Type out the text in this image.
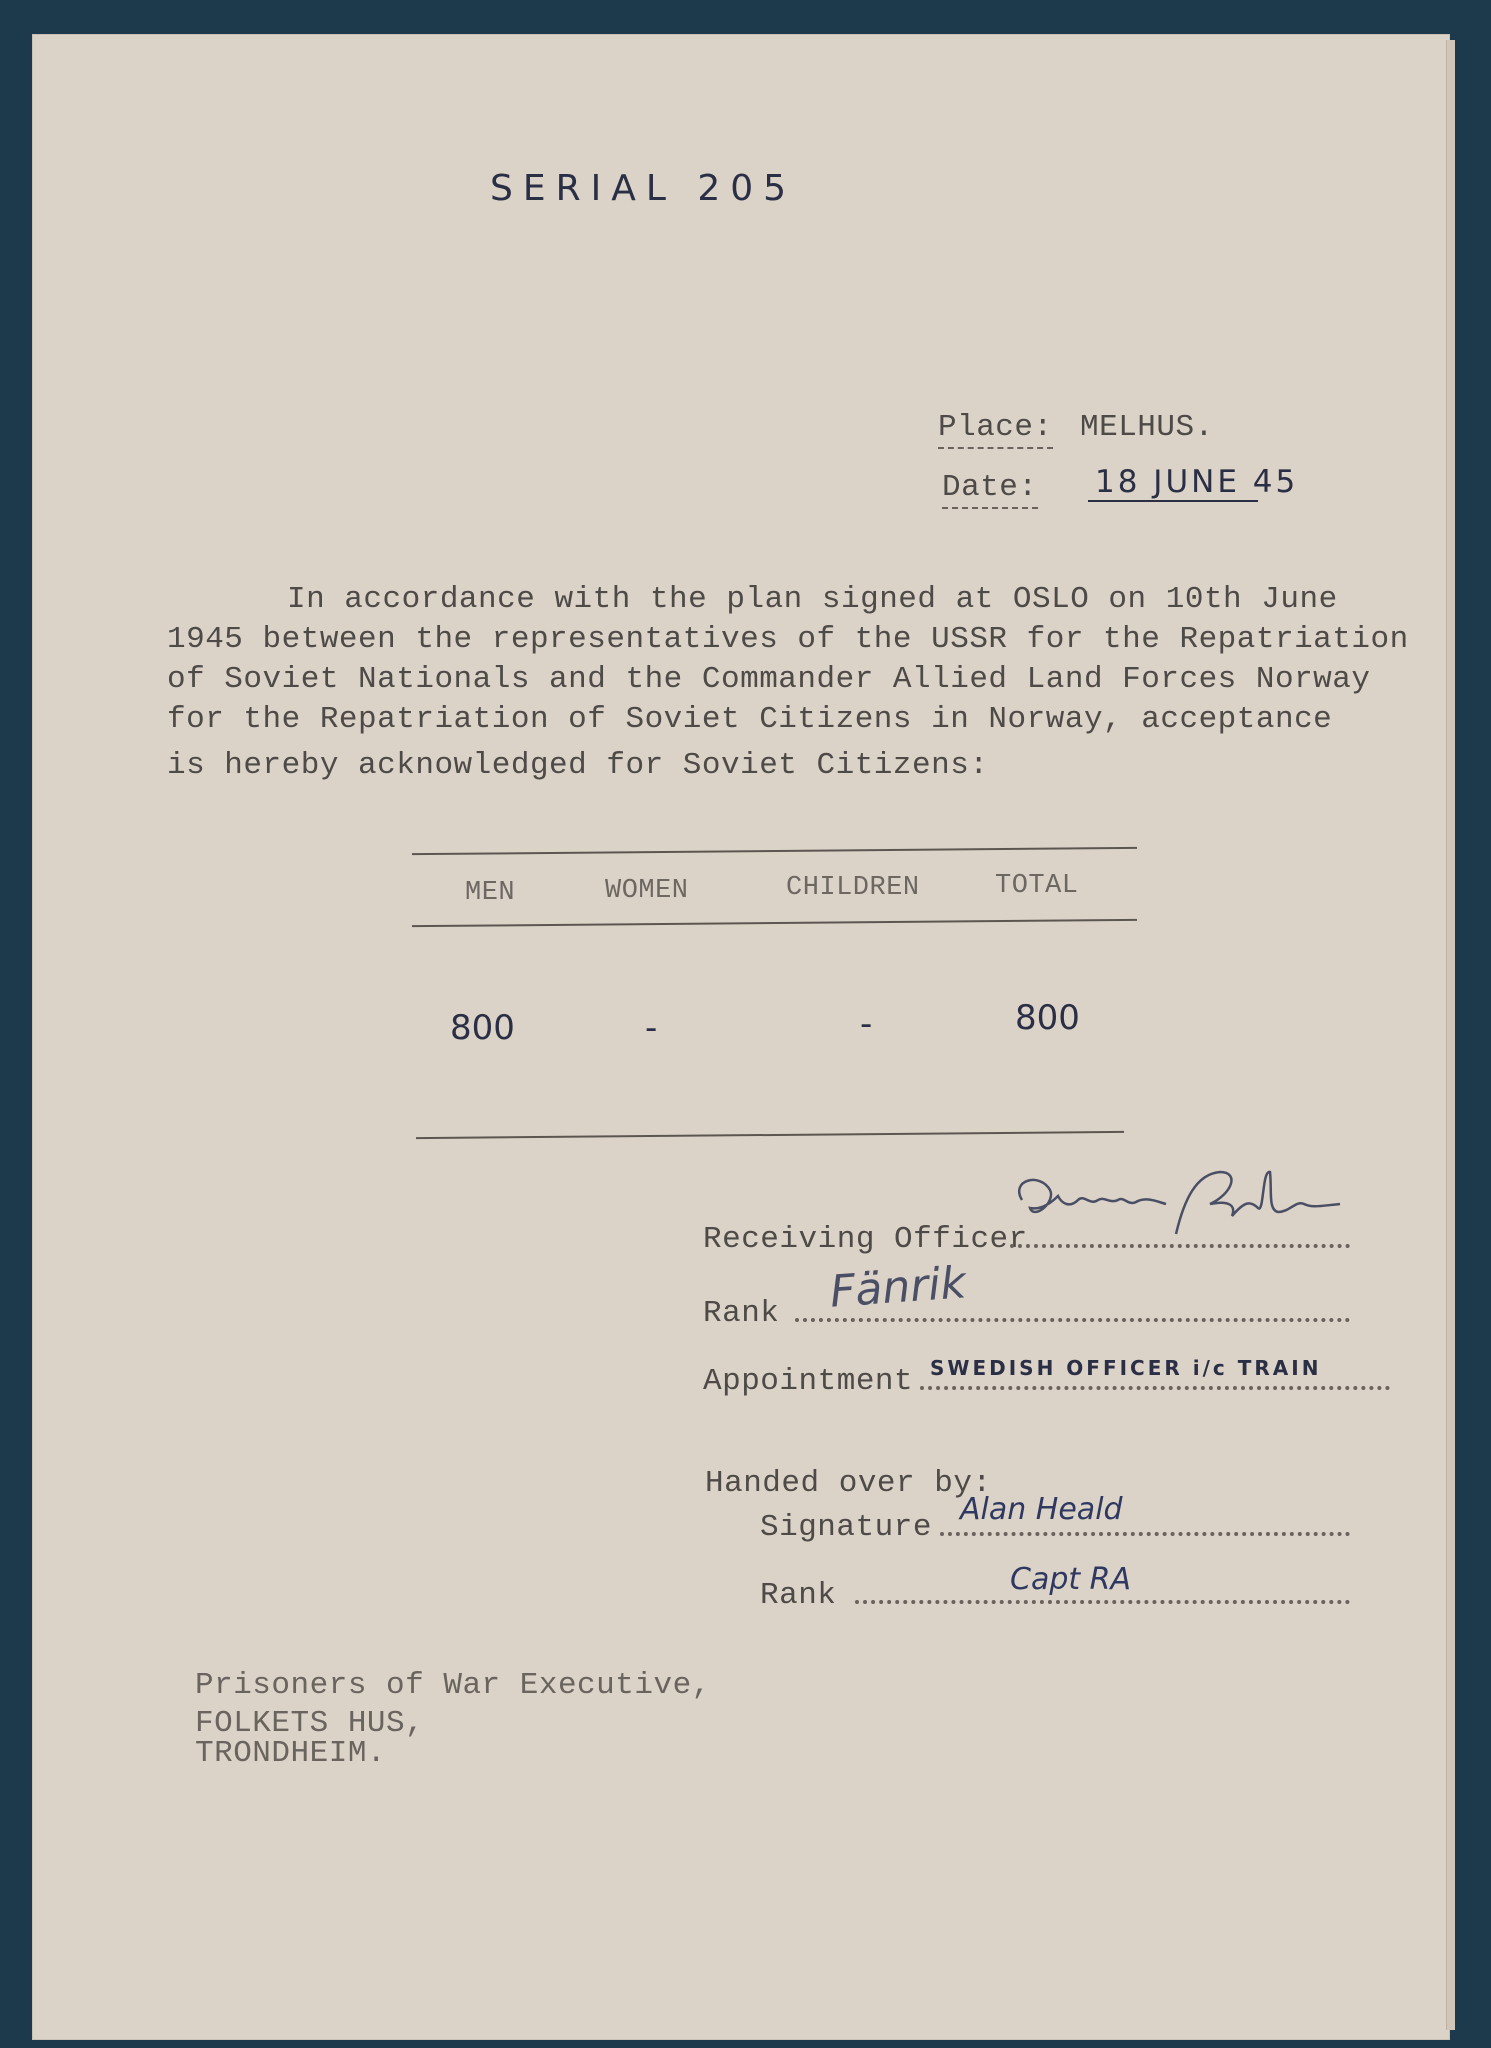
SERIAL 205
Place: MELHUS.
Date: 18 JUNE 45
In accordance with the plan signed at OSLO on 10th June
1945 between the representatives of the USSR for the Repatriation
of Soviet Nationals and the Commander Allied Land Forces Norway
for the Repatriation of Soviet Citizens in Norway, acceptance
is hereby acknowledged for Soviet Citizens:
MEN	WOMEN	CHILDREN	TOTAL
800	-	-	800
Receiving Officer
Rank Fänrik
Appointment SWEDISH OFFICER i/c TRAIN
Handed over by:
Signature
Alan Heald
Rank	Capt RA
Prisoners of War Executive,
FOLKETS HUS,
TRONDHEIM.
